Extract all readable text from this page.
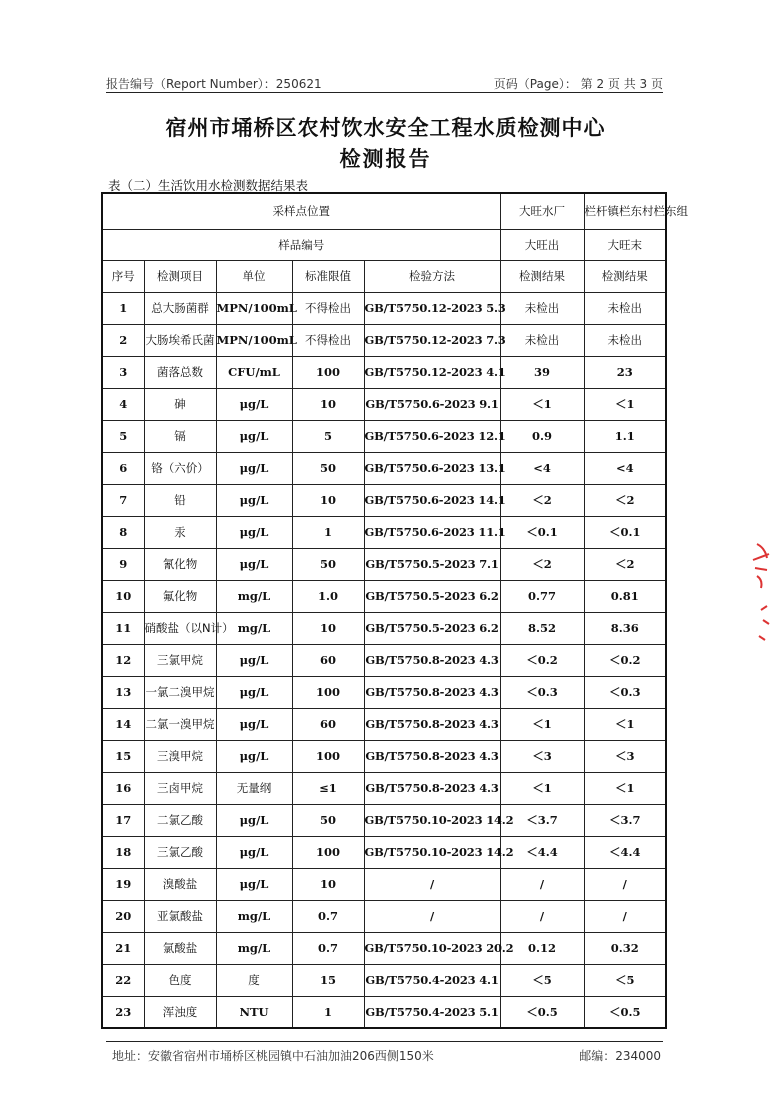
报告编号（Report Number）：250621	页码（Page）： 第 2 页 共 3 页
宿州市埇桥区农村饮水安全工程水质检测中心
检测报告
表（二）生活饮用水检测数据结果表
采样点位置					大旺水厂	栏杆镇栏东村栏东组
样品编号					大旺出	大旺末
序号	检测项目	单位	标准限值	检验方法	检测结果	检测结果
1	总大肠菌群	MPN/100mL	不得检出	GB/T5750.12-2023 5.3	未检出	未检出
2	大肠埃希氏菌	MPN/100mL	不得检出	GB/T5750.12-2023 7.3	未检出	未检出
3	菌落总数	CFU/mL	100	GB/T5750.12-2023 4.1	39	23
4	砷	μg/L	10	GB/T5750.6-2023 9.1	＜1	＜1
5	镉	μg/L	5	GB/T5750.6-2023 12.1	0.9	1.1
6	铬（六价）	μg/L	50	GB/T5750.6-2023 13.1	<4	<4
7	铅	μg/L	10	GB/T5750.6-2023 14.1	＜2	＜2
8	汞	μg/L	1	GB/T5750.6-2023 11.1	＜0.1	＜0.1
9	氰化物	μg/L	50	GB/T5750.5-2023 7.1	＜2	＜2
10	氟化物	mg/L	1.0	GB/T5750.5-2023 6.2	0.77	0.81
11	硝酸盐（以N计）	mg/L	10	GB/T5750.5-2023 6.2	8.52	8.36
12	三氯甲烷	μg/L	60	GB/T5750.8-2023 4.3	＜0.2	＜0.2
13	一氯二溴甲烷	μg/L	100	GB/T5750.8-2023 4.3	＜0.3	＜0.3
14	二氯一溴甲烷	μg/L	60	GB/T5750.8-2023 4.3	＜1	＜1
15	三溴甲烷	μg/L	100	GB/T5750.8-2023 4.3	＜3	＜3
16	三卤甲烷	无量纲	≤1	GB/T5750.8-2023 4.3	＜1	＜1
17	二氯乙酸	μg/L	50	GB/T5750.10-2023 14.2	＜3.7	＜3.7
18	三氯乙酸	μg/L	100	GB/T5750.10-2023 14.2	＜4.4	＜4.4
19	溴酸盐	μg/L	10	/	/	/
20	亚氯酸盐	mg/L	0.7	/	/	/
21	氯酸盐	mg/L	0.7	GB/T5750.10-2023 20.2	0.12	0.32
22	色度	度	15	GB/T5750.4-2023 4.1	＜5	＜5
23	浑浊度	NTU	1	GB/T5750.4-2023 5.1	＜0.5	＜0.5
地址：安徽省宿州市埇桥区桃园镇中石油加油206西侧150米	邮编：234000
